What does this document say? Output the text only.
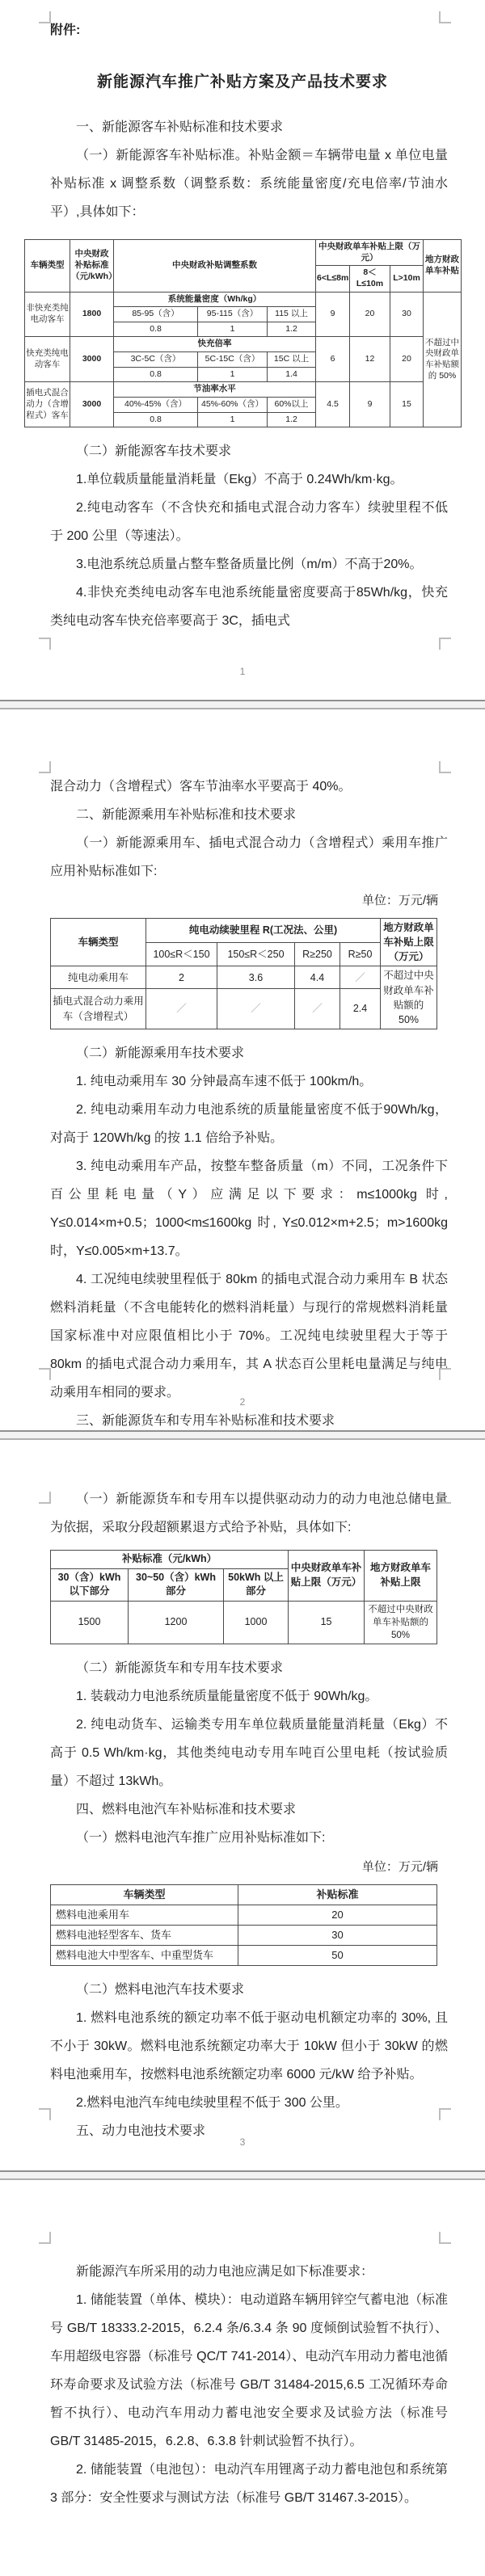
附件:
新能源汽车推广补贴方案及产品技术要求
一、新能源客车补贴标准和技术要求
（一）新能源客车补贴标准。补贴金额＝车辆带电量 x 单位电量补贴标准 x 调整系数（调整系数：系统能量密度/充电倍率/节油水平）,具体如下：
车辆类型	中央财政补贴标准（元/kWh）	中央财政补贴调整系数			中央财政单车补贴上限（万元）			地方财政单车补贴
					6<L≤8m	8＜L≤10m	L>10m	
非快充类纯电动客车	1800	系统能量密度（Wh/kg）			9	20	30	不超过中央财政单车补贴额的 50%
		85-95（含）	95-115（含）	115 以上				
		0.8	1	1.2				
快充类纯电动客车	3000	快充倍率			6	12	20	
		3C-5C（含）	5C-15C（含）	15C 以上				
		0.8	1	1.4				
插电式混合动力（含增程式）客车	3000	节油率水平			4.5	9	15	
		40%-45%（含）	45%-60%（含）	60%以上				
		0.8	1	1.2				
（二）新能源客车技术要求
1.单位载质量能量消耗量（Ekg）不高于 0.24Wh/km·kg。
2.纯电动客车（不含快充和插电式混合动力客车）续驶里程不低于 200 公里（等速法）。
3.电池系统总质量占整车整备质量比例（m/m）不高于20%。
4.非快充类纯电动客车电池系统能量密度要高于85Wh/kg，快充类纯电动客车快充倍率要高于 3C，插电式
1
混合动力（含增程式）客车节油率水平要高于 40%。
二、新能源乘用车补贴标准和技术要求
（一）新能源乘用车、插电式混合动力（含增程式）乘用车推广应用补贴标准如下:
单位：万元/辆
车辆类型	纯电动续驶里程 R(工况法、公里)				地方财政单车补贴上限（万元）
	100≤R＜150	150≤R＜250	R≥250	R≥50	
纯电动乘用车	2	3.6	4.4	／	不超过中央财政单车补贴额的 50%
插电式混合动力乘用车（含增程式）	／	／	／	2.4	
（二）新能源乘用车技术要求
1. 纯电动乘用车 30 分钟最高车速不低于 100km/h。
2. 纯电动乘用车动力电池系统的质量能量密度不低于90Wh/kg，对高于 120Wh/kg 的按 1.1 倍给予补贴。
3. 纯电动乘用车产品，按整车整备质量（m）不同，工况条件下百公里耗电量（Y）应满足以下要求：m≤1000kg 时, Y≤0.014×m+0.5；1000<m≤1600kg 时, Y≤0.012×m+2.5；m>1600kg 时，Y≤0.005×m+13.7。
4. 工况纯电续驶里程低于 80km 的插电式混合动力乘用车 B 状态燃料消耗量（不含电能转化的燃料消耗量）与现行的常规燃料消耗量国家标准中对应限值相比小于 70%。工况纯电续驶里程大于等于 80km 的插电式混合动力乘用车，其 A 状态百公里耗电量满足与纯电动乘用车相同的要求。
三、新能源货车和专用车补贴标准和技术要求
2
（一）新能源货车和专用车以提供驱动动力的动力电池总储电量为依据，采取分段超额累退方式给予补贴，具体如下:
补贴标准（元/kWh）			中央财政单车补贴上限（万元）	地方财政单车补贴上限
30（含）kWh 以下部分	30~50（含）kWh 部分	50kWh 以上部分		
1500	1200	1000	15	不超过中央财政单车补贴额的 50%
（二）新能源货车和专用车技术要求
1. 装载动力电池系统质量能量密度不低于 90Wh/kg。
2. 纯电动货车、运输类专用车单位载质量能量消耗量（Ekg）不高于 0.5 Wh/km·kg，其他类纯电动专用车吨百公里电耗（按试验质量）不超过 13kWh。
四、燃料电池汽车补贴标准和技术要求
（一）燃料电池汽车推广应用补贴标准如下:
单位：万元/辆
车辆类型	补贴标准
燃料电池乘用车	20
燃料电池轻型客车、货车	30
燃料电池大中型客车、中重型货车	50
（二）燃料电池汽车技术要求
1. 燃料电池系统的额定功率不低于驱动电机额定功率的 30%, 且不小于 30kW。燃料电池系统额定功率大于 10kW 但小于 30kW 的燃料电池乘用车，按燃料电池系统额定功率 6000 元/kW 给予补贴。
2.燃料电池汽车纯电续驶里程不低于 300 公里。
五、动力电池技术要求
3
新能源汽车所采用的动力电池应满足如下标准要求：
1. 储能装置（单体、模块）：电动道路车辆用锌空气蓄电池（标准号 GB/T 18333.2-2015，6.2.4 条/6.3.4 条 90 度倾倒试验暂不执行）、车用超级电容器（标准号 QC/T 741-2014）、电动汽车用动力蓄电池循环寿命要求及试验方法（标准号 GB/T 31484-2015,6.5 工况循环寿命暂不执行）、电动汽车用动力蓄电池安全要求及试验方法（标准号 GB/T 31485-2015，6.2.8、6.3.8 针刺试验暂不执行）。
2. 储能装置（电池包）：电动汽车用锂离子动力蓄电池包和系统第 3 部分：安全性要求与测试方法（标准号 GB/T 31467.3-2015）。
